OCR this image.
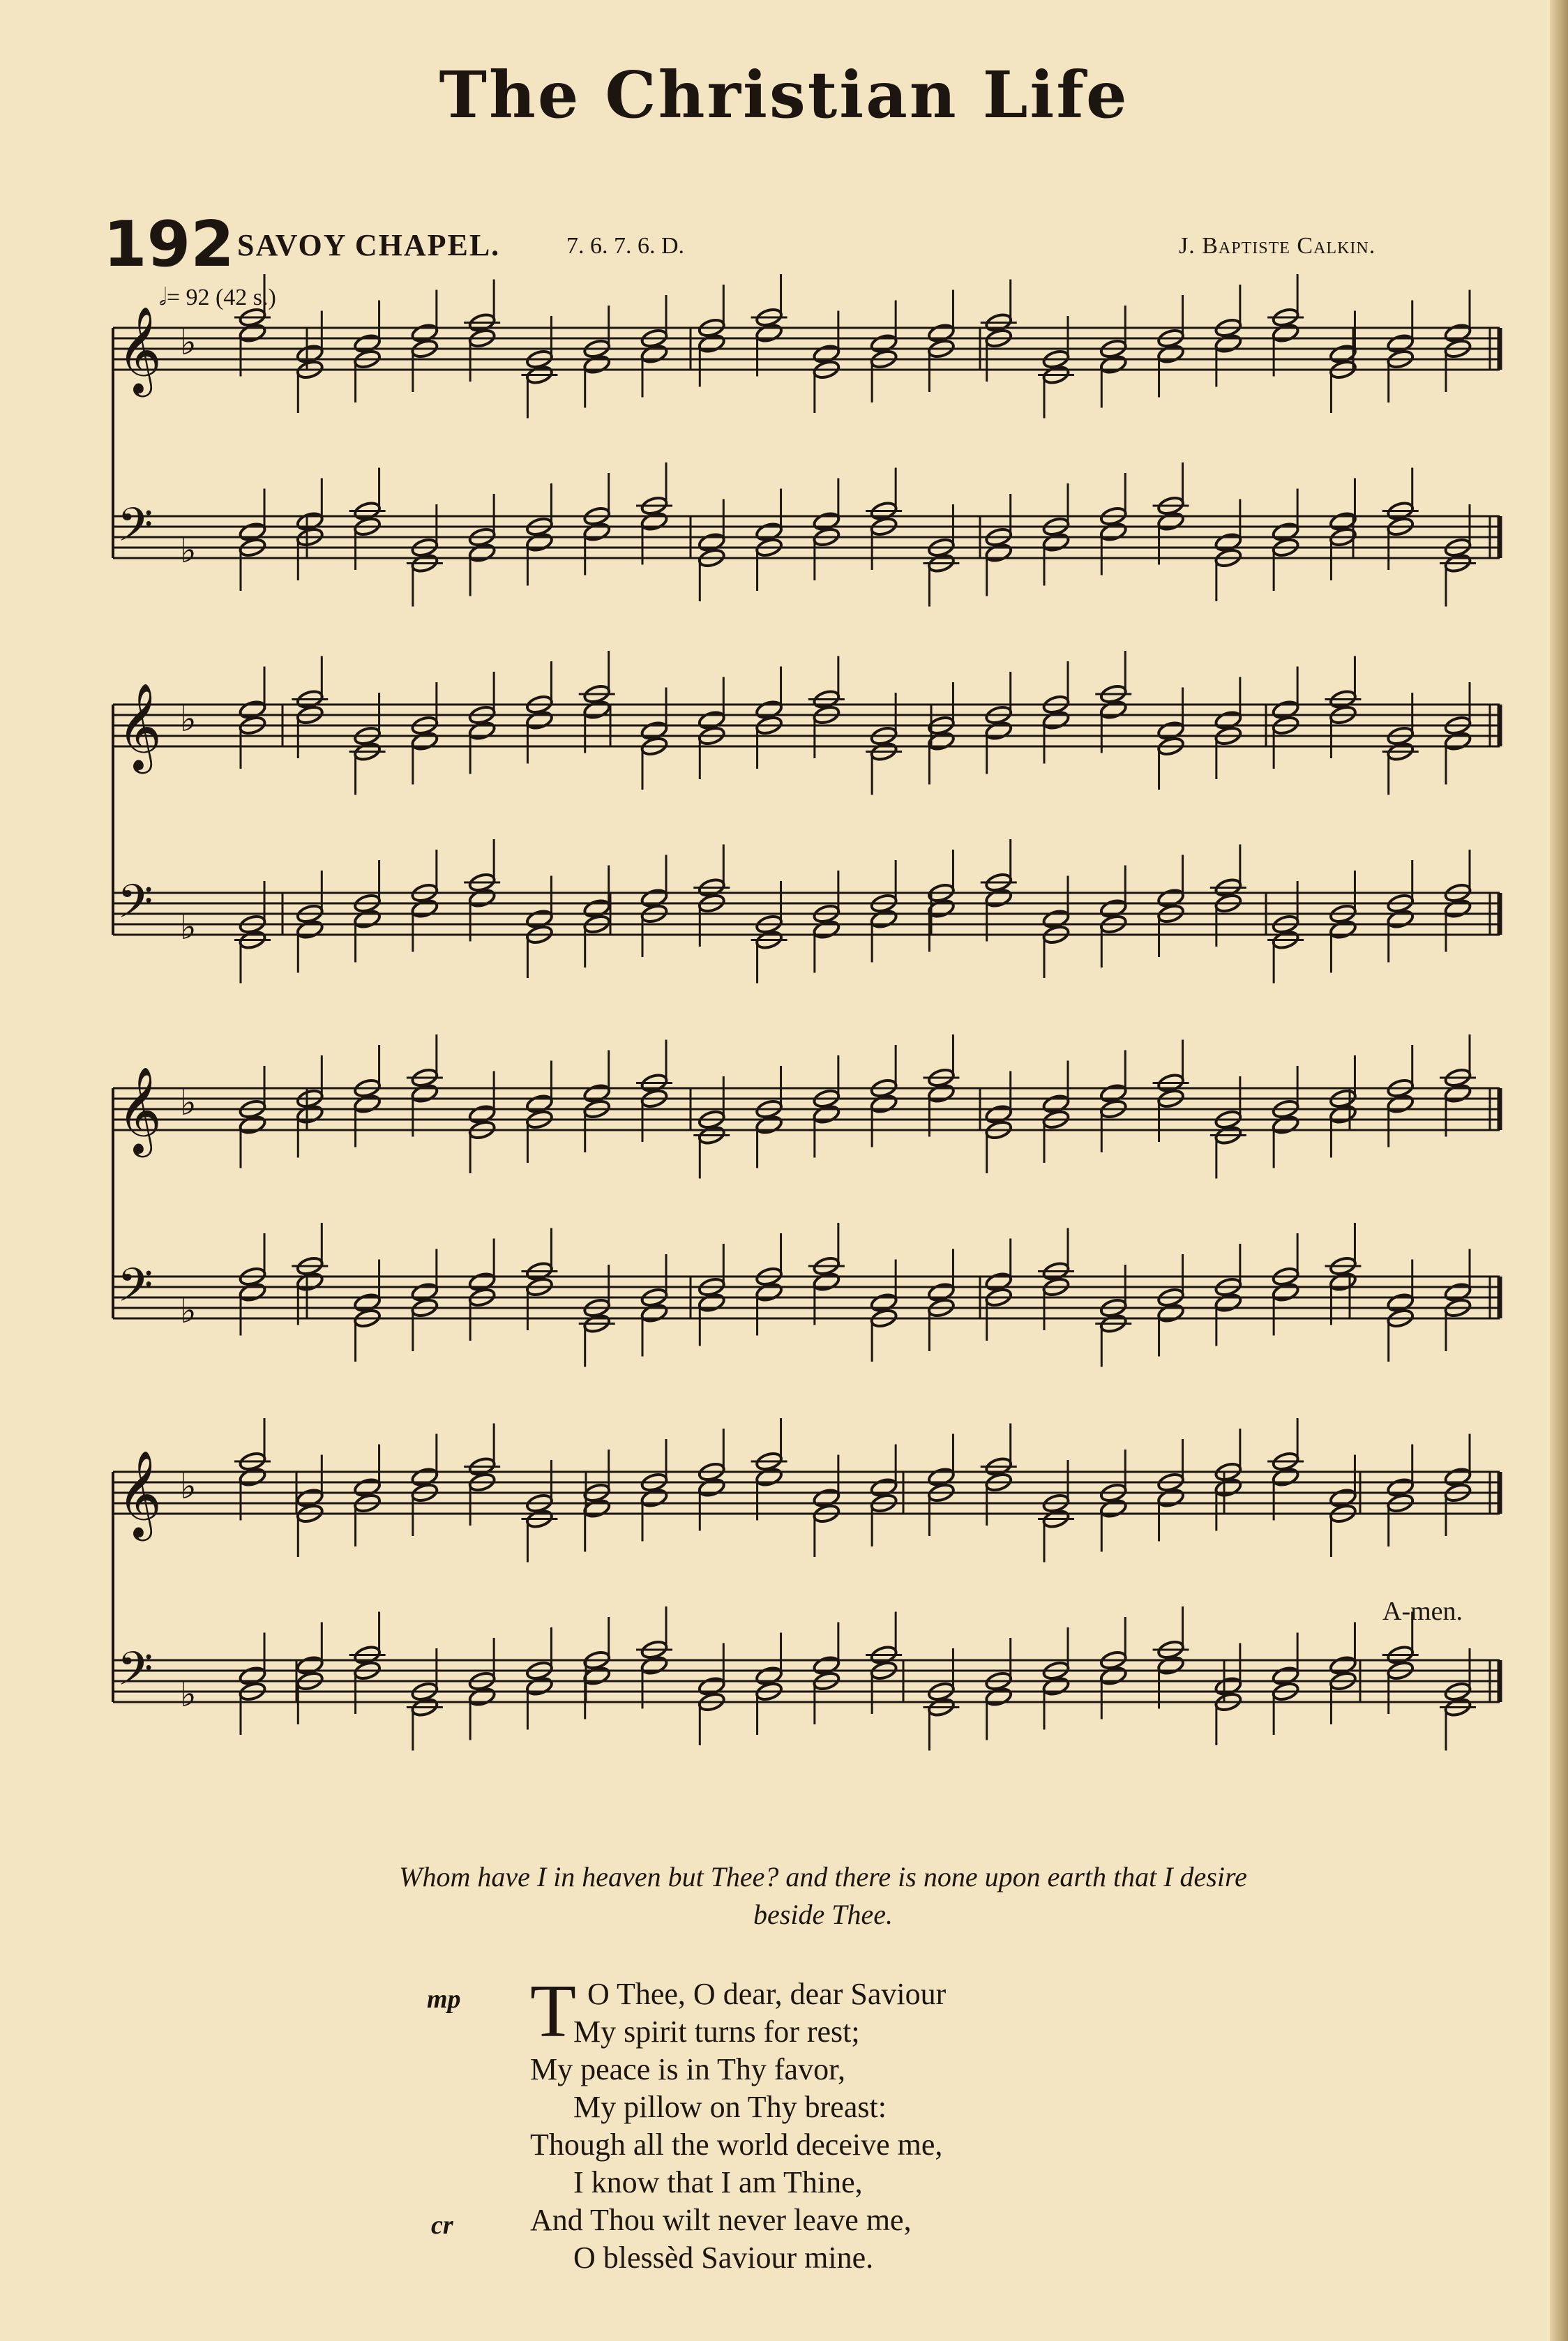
The Christian Life
192 SAVOY CHAPEL.	7. 6. 7. 6. D.	J. Baptiste Calkin.
𝅗𝅥= 92 (42 s.)
𝄞 ♭
𝄢 ♭
𝄞 ♭
𝄢 ♭
𝄞 ♭
𝄢 ♭
𝄞 ♭
𝄢 ♭
A-men.
Whom have I in heaven but Thee? and there is none upon earth that I desire
beside Thee.
mp
cr
T O Thee, O dear, dear Saviour
My spirit turns for rest;
My peace is in Thy favor,
My pillow on Thy breast:
Though all the world deceive me,
I know that I am Thine,
And Thou wilt never leave me,
O blessèd Saviour mine.
